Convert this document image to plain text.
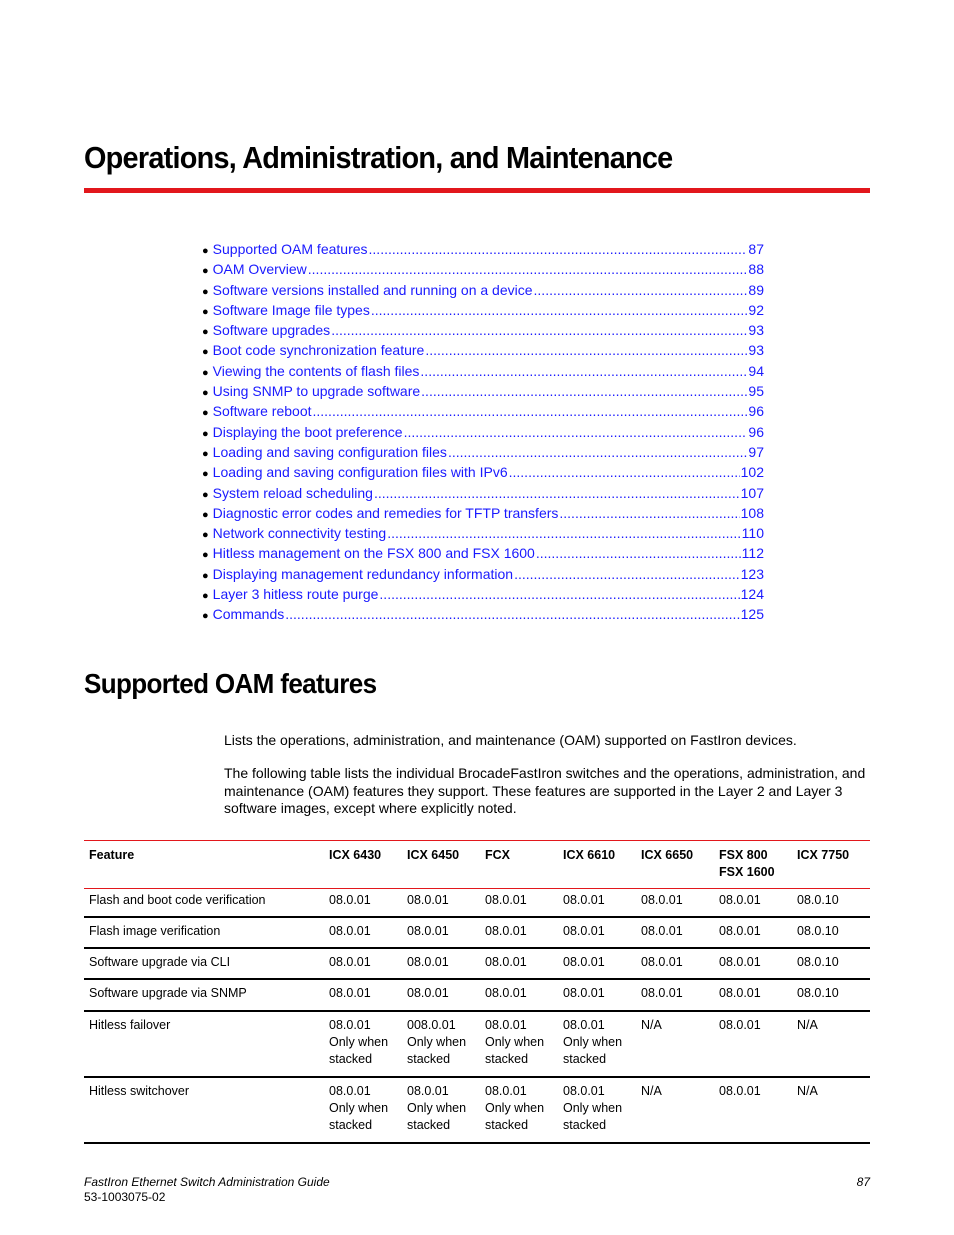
Operations, Administration, and Maintenance
● Supported OAM features .....	87
● OAM Overview .....	88
● Software versions installed and running on a device .....	89
● Software Image file types .....	92
● Software upgrades .....	93
● Boot code synchronization feature .....	93
● Viewing the contents of flash files .....	94
● Using SNMP to upgrade software .....	95
● Software reboot .....	96
● Displaying the boot preference .....	96
● Loading and saving configuration files .....	97
● Loading and saving configuration files with IPv6 .....	102
● System reload scheduling .....	107
● Diagnostic error codes and remedies for TFTP transfers .....	108
● Network connectivity testing .....	110
● Hitless management on the FSX 800 and FSX 1600 .....	112
● Displaying management redundancy information .....	123
● Layer 3 hitless route purge .....	124
● Commands .....	125
Supported OAM features

Lists the operations, administration, and maintenance (OAM) supported on FastIron devices.

The following table lists the individual BrocadeFastIron switches and the operations, administration, and maintenance (OAM) features they support. These features are supported in the Layer 2 and Layer 3 software images, except where explicitly noted.

Feature	ICX 6430	ICX 6450	FCX	ICX 6610	ICX 6650	FSX 800
FSX 1600	ICX 7750
Flash and boot code verification	08.0.01	08.0.01	08.0.01	08.0.01	08.0.01	08.0.01	08.0.10
Flash image verification	08.0.01	08.0.01	08.0.01	08.0.01	08.0.01	08.0.01	08.0.10
Software upgrade via CLI	08.0.01	08.0.01	08.0.01	08.0.01	08.0.01	08.0.01	08.0.10
Software upgrade via SNMP	08.0.01	08.0.01	08.0.01	08.0.01	08.0.01	08.0.01	08.0.10
Hitless failover	08.0.01
Only when stacked	008.0.01
Only when stacked	08.0.01
Only when stacked	08.0.01
Only when stacked	N/A	08.0.01	N/A
Hitless switchover	08.0.01
Only when stacked	08.0.01
Only when stacked	08.0.01
Only when stacked	08.0.01
Only when stacked	N/A	08.0.01	N/A
FastIron Ethernet Switch Administration Guide
53-1003075-02
87
